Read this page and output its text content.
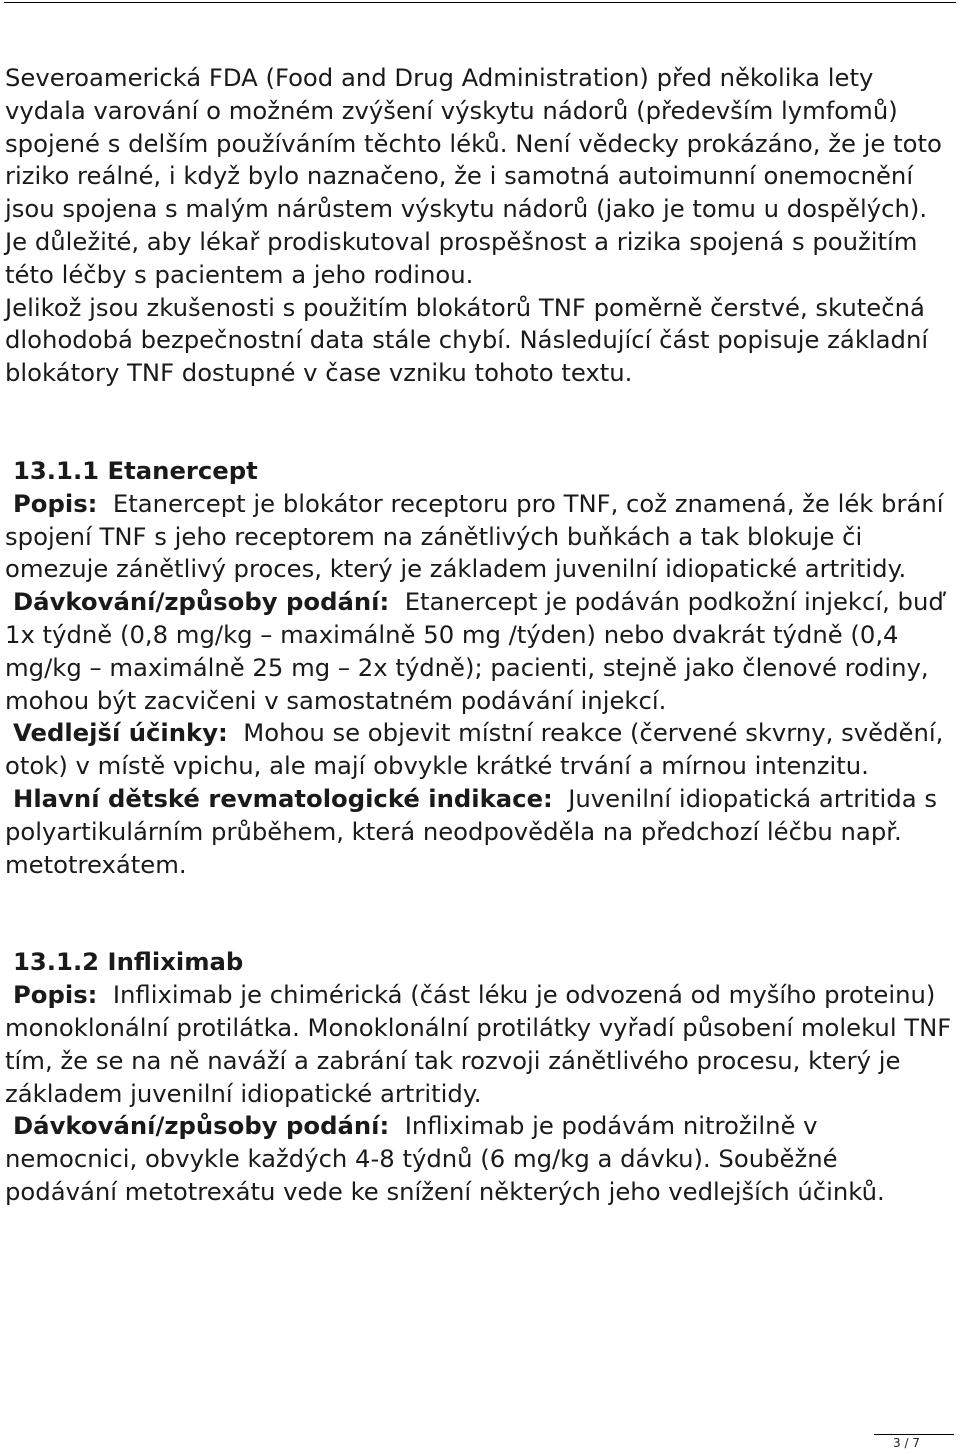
Severoamerická FDA (Food and Drug Administration) před několika lety vydala varování o možném zvýšení výskytu nádorů (především lymfomů) spojené s delším používáním těchto léků. Není vědecky prokázáno, že je toto riziko reálné, i když bylo naznačeno, že i samotná autoimunní onemocnění jsou spojena s malým nárůstem výskytu nádorů (jako je tomu u dospělých). Je důležité, aby lékař prodiskutoval prospěšnost a rizika spojená s použitím této léčby s pacientem a jeho rodinou.

Jelikož jsou zkušenosti s použitím blokátorů TNF poměrně čerstvé, skutečná dlohodobá bezpečnostní data stále chybí. Následující část popisuje základní blokátory TNF dostupné v čase vzniku tohoto textu.

13.1.1 Etanercept

Popis: Etanercept je blokátor receptoru pro TNF, což znamená, že lék brání spojení TNF s jeho receptorem na zánětlivých buňkách a tak blokuje či omezuje zánětlivý proces, který je základem juvenilní idiopatické artritidy.

Dávkování/způsoby podání: Etanercept je podáván podkožní injekcí, buď 1x týdně (0,8 mg/kg – maximálně 50 mg /týden) nebo dvakrát týdně (0,4 mg/kg – maximálně 25 mg – 2x týdně); pacienti, stejně jako členové rodiny, mohou být zacvičeni v samostatném podávání injekcí.

Vedlejší účinky: Mohou se objevit místní reakce (červené skvrny, svědění, otok) v místě vpichu, ale mají obvykle krátké trvání a mírnou intenzitu.

Hlavní dětské revmatologické indikace: Juvenilní idiopatická artritida s polyartikulárním průběhem, která neodpověděla na předchozí léčbu např. metotrexátem.

13.1.2 Infliximab

Popis: Infliximab je chimérická (část léku je odvozená od myšího proteinu) monoklonální protilátka. Monoklonální protilátky vyřadí působení molekul TNF tím, že se na ně naváží a zabrání tak rozvoji zánětlivého procesu, který je základem juvenilní idiopatické artritidy.

Dávkování/způsoby podání: Infliximab je podávám nitrožilně v nemocnici, obvykle každých 4-8 týdnů (6 mg/kg a dávku). Souběžné podávání metotrexátu vede ke snížení některých jeho vedlejších účinků.

3 / 7
